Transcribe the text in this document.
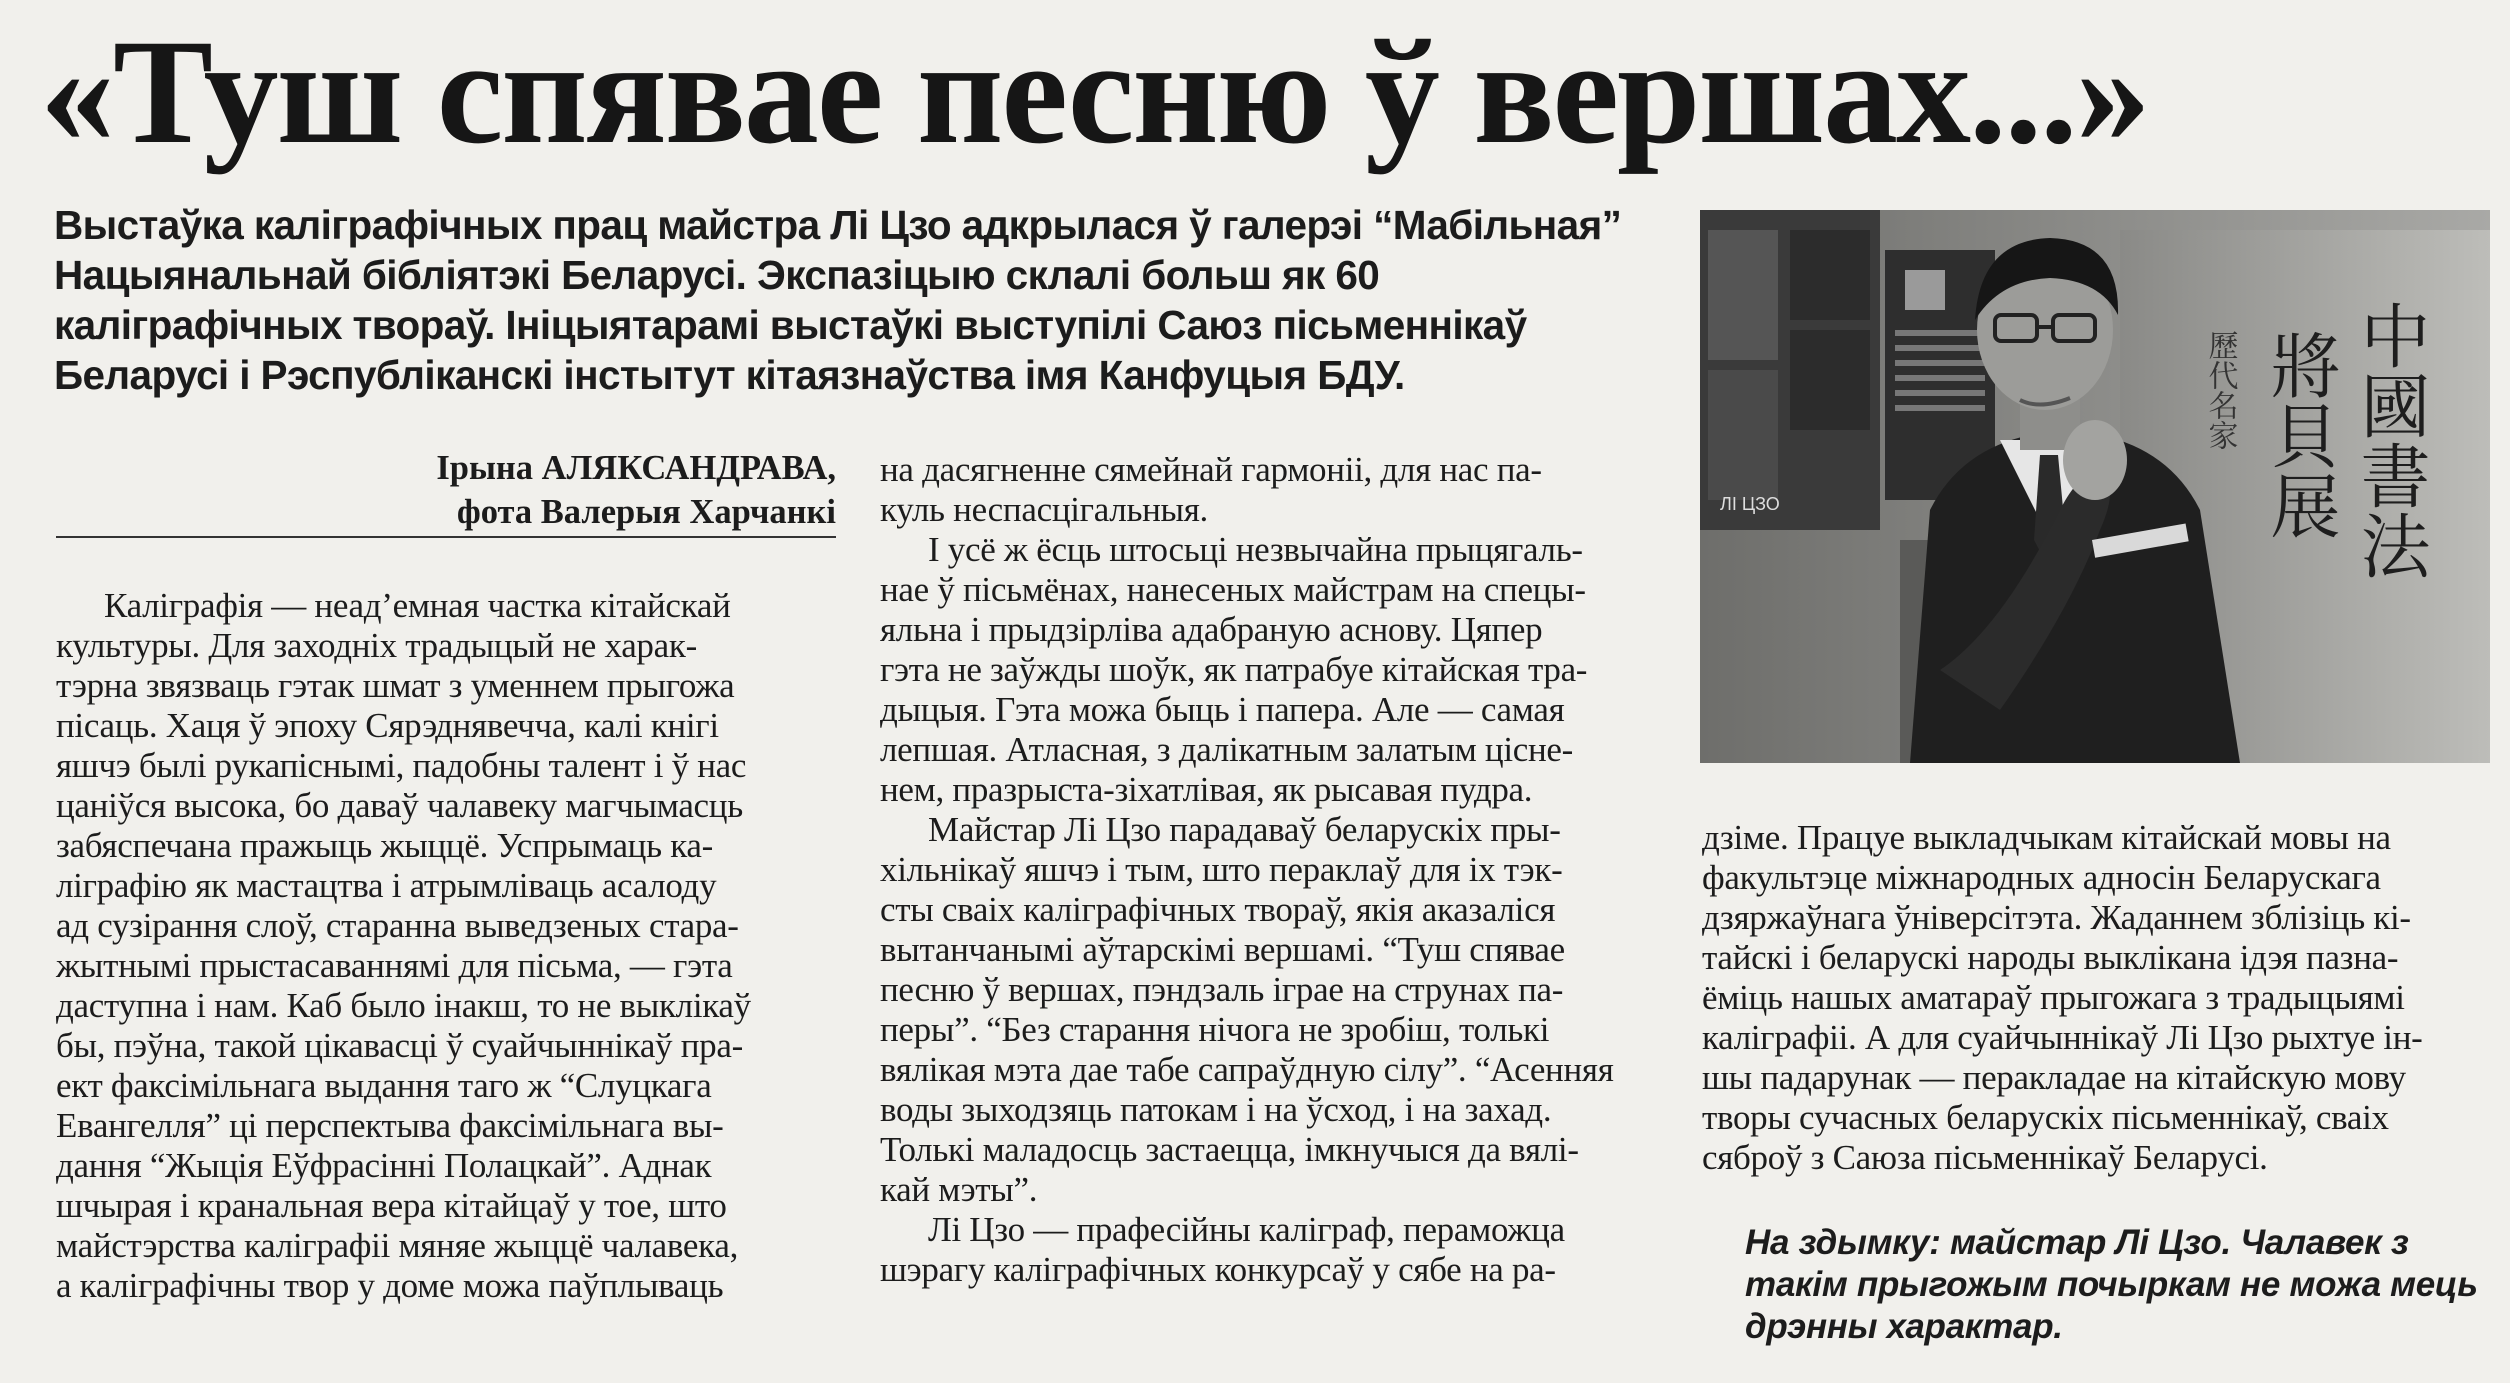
«Туш спявае песню ў вершах...»
Выстаўка каліграфічных прац майстра Лі Цзо адкрылася ў галерэі “Мабільная”
Нацыянальнай бібліятэкі Беларусі. Экспазіцыю склалі больш як 60
каліграфічных твораў. Ініцыятарамі выстаўкі выступілі Саюз пісьменнікаў
Беларусі і Рэспубліканскі інстытут кітаязнаўства імя Канфуцыя БДУ.
Ірына АЛЯКСАНДРАВА,
фота Валерыя Харчанкі
Каліграфія — неад’емная частка кітайскай
культуры. Для заходніх традыцый не харак-
тэрна звязваць гэтак шмат з уменнем прыгожа
пісаць. Хаця ў эпоху Сярэднявечча, калі кнігі
яшчэ былі рукапіснымі, падобны талент і ў нас
цаніўся высока, бо даваў чалавеку магчымасць
забяспечана пражыць жыццё. Успрымаць ка-
ліграфію як мастацтва і атрымліваць асалоду
ад сузірання слоў, старанна выведзеных стара-
жытнымі прыстасаваннямі для пісьма, — гэта
даступна і нам. Каб было інакш, то не выклікаў
бы, пэўна, такой цікавасці ў суайчыннікаў пра-
ект факсімільнага выдання таго ж “Слуцкага
Евангелля” ці перспектыва факсімільнага вы-
дання “Жыція Еўфрасінні Полацкай”. Аднак
шчырая і кранальная вера кітайцаў у тое, што
майстэрства каліграфіі мяняе жыццё чалавека,
а каліграфічны твор у доме можа паўплываць
на дасягненне сямейнай гармоніі, для нас па-
куль неспасцігальныя.
І усё ж ёсць штосьці незвычайна прыцягаль-
нае ў пісьмёнах, нанесеных майстрам на спецы-
яльна і прыдзірліва адабраную аснову. Цяпер
гэта не заўжды шоўк, як патрабуе кітайская тра-
дыцыя. Гэта можа быць і папера. Але — самая
лепшая. Атласная, з далікатным залатым цісне-
нем, празрыста-зіхатлівая, як рысавая пудра.
Майстар Лі Цзо парадаваў беларускіх пры-
хільнікаў яшчэ і тым, што пераклаў для іх тэк-
сты сваіх каліграфічных твораў, якія аказаліся
вытанчанымі аўтарскімі вершамі. “Туш спявае
песню ў вершах, пэндзаль іграе на струнах па-
перы”. “Без старання нічога не зробіш, толькі
вялікая мэта дае табе сапраўдную сілу”. “Асенняя
воды зыходзяць патокам і на ўсход, і на захад.
Толькі маладосць застаецца, імкнучыся да вялі-
кай мэты”.
Лі Цзо — прафесійны каліграф, пераможца
шэрагу каліграфічных конкурсаў у сябе на ра-
ЛІ ЦЗО	中國書法
將貝展
歷代名家
дзіме. Працуе выкладчыкам кітайскай мовы на
факультэце міжнародных адносін Беларускага
дзяржаўнага ўніверсітэта. Жаданнем зблізіць кі-
тайскі і беларускі народы выклікана ідэя пазна-
ёміць нашых аматараў прыгожага з традыцыямі
каліграфіі. А для суайчыннікаў Лі Цзо рыхтуе ін-
шы падарунак — перакладае на кітайскую мову
творы сучасных беларускіх пісьменнікаў, сваіх
сяброў з Саюза пісьменнікаў Беларусі.
На здымку: майстар Лі Цзо. Чалавек з
такім прыгожым почыркам не можа мець
дрэнны характар.
